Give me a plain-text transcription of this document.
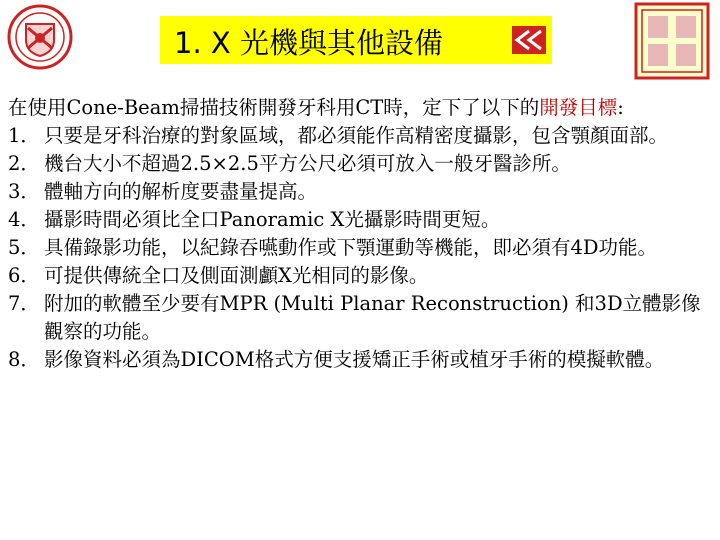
1. X 光機與其他設備

在使用Cone-Beam掃描技術開發牙科用CT時，定下了以下的開發目標:

1． 只要是牙科治療的對象區域，都必須能作高精密度攝影，包含顎顏面部。
2． 機台大小不超過2.5×2.5平方公尺必須可放入一般牙醫診所。
3． 體軸方向的解析度要盡量提高。
4． 攝影時間必須比全口Panoramic X光攝影時間更短。
5． 具備錄影功能，以紀錄吞嚥動作或下顎運動等機能，即必須有4D功能。
6． 可提供傳統全口及側面測顱X光相同的影像。
7． 附加的軟體至少要有MPR (Multi Planar Reconstruction) 和3D立體影像觀察的功能。
8． 影像資料必須為DICOM格式方便支援矯正手術或植牙手術的模擬軟體。
